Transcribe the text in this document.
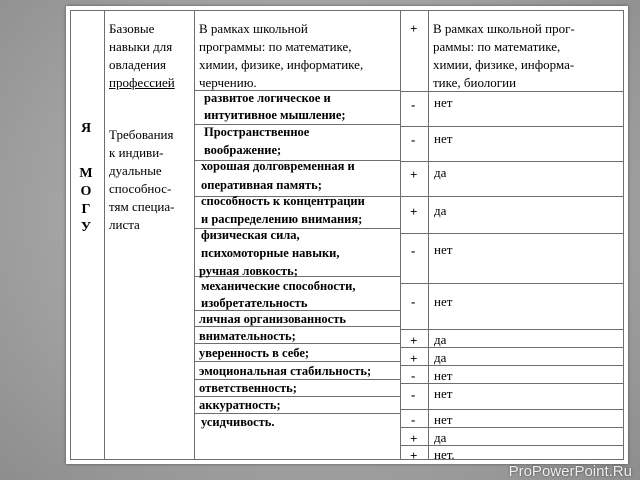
Я
М
О
Г
У
Базовые
навыки для
овладения
профессией
Требования
к индиви-
дуальные
способнос-
тям специа-
листа
В рамках школьной
программы: по математике,
химии, физике, информатике,
черчению.
В рамках школьной прог-
раммы: по математике,
химии, физике, информа-
тике, биологии
+
развитое логическое и
интуитивное мышление;
Пространственное
воображение;
хорошая долговременная и
оперативная память;
способность к концентрации
и распределению внимания;
физическая сила,
психомоторные навыки,
ручная ловкость;
механические способности,
изобретательность
личная организованность
внимательность;
уверенность в себе;
эмоциональная стабильность;
ответственность;
аккуратность;
усидчивость.
-
-
+
+
-
-
+
+
-
-
-
+
+
нет
нет
да
да
нет
нет
да
да
нет
нет
нет
да
нет.
ProPowerPoint.Ru
